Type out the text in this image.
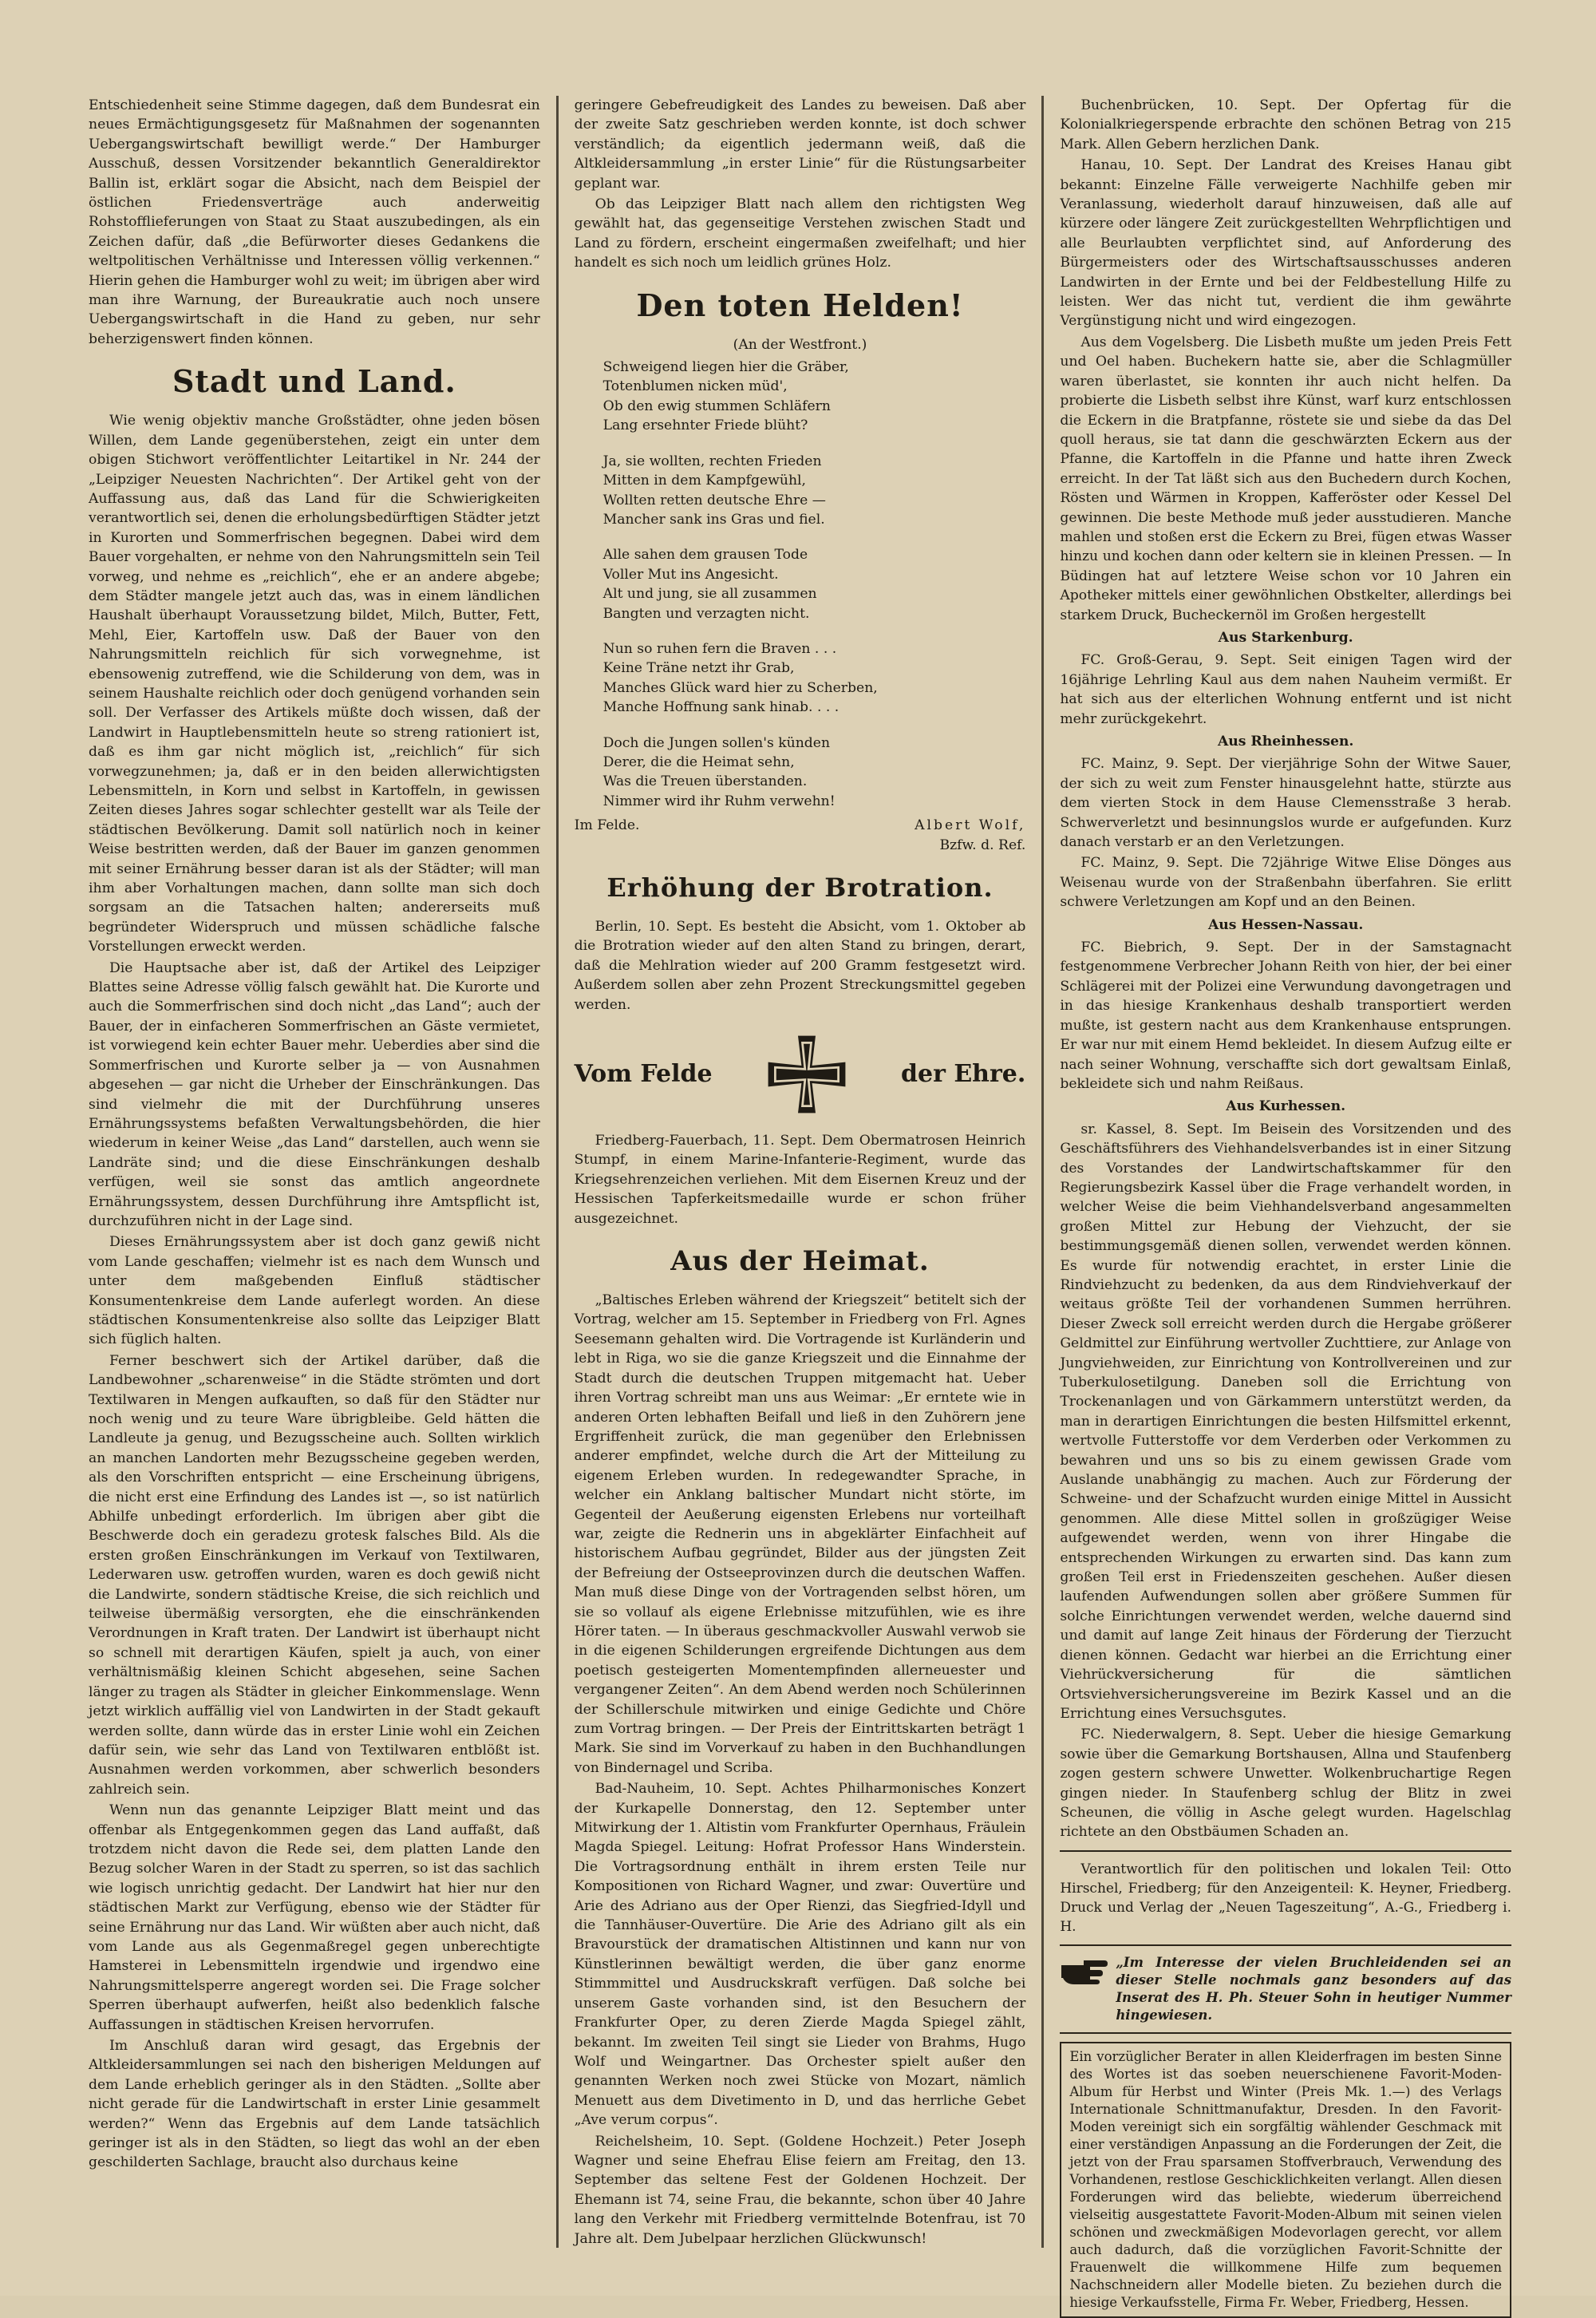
Entschiedenheit seine Stimme dagegen, daß dem Bundesrat ein neues Ermächtigungsgesetz für Maßnahmen der sogenannten Uebergangswirtschaft bewilligt werde.“ Der Hamburger Ausschuß, dessen Vorsitzender bekanntlich Generaldirektor Ballin ist, erklärt sogar die Absicht, nach dem Beispiel der östlichen Friedensverträge auch anderweitig Rohstofflieferungen von Staat zu Staat auszubedingen, als ein Zeichen dafür, daß „die Befürworter dieses Gedankens die weltpolitischen Verhältnisse und Interessen völlig verkennen.“ Hierin gehen die Hamburger wohl zu weit; im übrigen aber wird man ihre Warnung, der Bureaukratie auch noch unsere Uebergangswirtschaft in die Hand zu geben, nur sehr beherzigenswert finden können.

Stadt und Land.

Wie wenig objektiv manche Großstädter, ohne jeden bösen Willen, dem Lande gegenüberstehen, zeigt ein unter dem obigen Stichwort veröffentlichter Leitartikel in Nr. 244 der „Leipziger Neuesten Nachrichten“. Der Artikel geht von der Auffassung aus, daß das Land für die Schwierigkeiten verantwortlich sei, denen die erholungsbedürftigen Städter jetzt in Kurorten und Sommerfrischen begegnen. Dabei wird dem Bauer vorgehalten, er nehme von den Nahrungsmitteln sein Teil vorweg, und nehme es „reichlich“, ehe er an andere abgebe; dem Städter mangele jetzt auch das, was in einem ländlichen Haushalt überhaupt Voraussetzung bildet, Milch, Butter, Fett, Mehl, Eier, Kartoffeln usw. Daß der Bauer von den Nahrungsmitteln reichlich für sich vorwegnehme, ist ebensowenig zutreffend, wie die Schilderung von dem, was in seinem Haushalte reichlich oder doch genügend vorhanden sein soll. Der Verfasser des Artikels müßte doch wissen, daß der Landwirt in Hauptlebensmitteln heute so streng rationiert ist, daß es ihm gar nicht möglich ist, „reichlich“ für sich vorwegzunehmen; ja, daß er in den beiden allerwichtigsten Lebensmitteln, in Korn und selbst in Kartoffeln, in gewissen Zeiten dieses Jahres sogar schlechter gestellt war als Teile der städtischen Bevölkerung. Damit soll natürlich noch in keiner Weise bestritten werden, daß der Bauer im ganzen genommen mit seiner Ernährung besser daran ist als der Städter; will man ihm aber Vorhaltungen machen, dann sollte man sich doch sorgsam an die Tatsachen halten; andererseits muß begründeter Widerspruch und müssen schädliche falsche Vorstellungen erweckt werden.

Die Hauptsache aber ist, daß der Artikel des Leipziger Blattes seine Adresse völlig falsch gewählt hat. Die Kurorte und auch die Sommerfrischen sind doch nicht „das Land“; auch der Bauer, der in einfacheren Sommerfrischen an Gäste vermietet, ist vorwiegend kein echter Bauer mehr. Ueberdies aber sind die Sommerfrischen und Kurorte selber ja — von Ausnahmen abgesehen — gar nicht die Urheber der Einschränkungen. Das sind vielmehr die mit der Durchführung unseres Ernährungssystems befaßten Verwaltungsbehörden, die hier wiederum in keiner Weise „das Land“ darstellen, auch wenn sie Landräte sind; und die diese Einschränkungen deshalb verfügen, weil sie sonst das amtlich angeordnete Ernährungssystem, dessen Durchführung ihre Amtspflicht ist, durchzuführen nicht in der Lage sind.

Dieses Ernährungssystem aber ist doch ganz gewiß nicht vom Lande geschaffen; vielmehr ist es nach dem Wunsch und unter dem maßgebenden Einfluß städtischer Konsumentenkreise dem Lande auferlegt worden. An diese städtischen Konsumentenkreise also sollte das Leipziger Blatt sich füglich halten.

Ferner beschwert sich der Artikel darüber, daß die Landbewohner „scharenweise“ in die Städte strömten und dort Textilwaren in Mengen aufkauften, so daß für den Städter nur noch wenig und zu teure Ware übrigbleibe. Geld hätten die Landleute ja genug, und Bezugsscheine auch. Sollten wirklich an manchen Landorten mehr Bezugsscheine gegeben werden, als den Vorschriften entspricht — eine Erscheinung übrigens, die nicht erst eine Erfindung des Landes ist —, so ist natürlich Abhilfe unbedingt erforderlich. Im übrigen aber gibt die Beschwerde doch ein geradezu grotesk falsches Bild. Als die ersten großen Einschränkungen im Verkauf von Textilwaren, Lederwaren usw. getroffen wurden, waren es doch gewiß nicht die Landwirte, sondern städtische Kreise, die sich reichlich und teilweise übermäßig versorgten, ehe die einschränkenden Verordnungen in Kraft traten. Der Landwirt ist überhaupt nicht so schnell mit derartigen Käufen, spielt ja auch, von einer verhältnismäßig kleinen Schicht abgesehen, seine Sachen länger zu tragen als Städter in gleicher Einkommenslage. Wenn jetzt wirklich auffällig viel von Landwirten in der Stadt gekauft werden sollte, dann würde das in erster Linie wohl ein Zeichen dafür sein, wie sehr das Land von Textilwaren entblößt ist. Ausnahmen werden vorkommen, aber schwerlich besonders zahlreich sein.

Wenn nun das genannte Leipziger Blatt meint und das offenbar als Entgegenkommen gegen das Land auffaßt, daß trotzdem nicht davon die Rede sei, dem platten Lande den Bezug solcher Waren in der Stadt zu sperren, so ist das sachlich wie logisch unrichtig gedacht. Der Landwirt hat hier nur den städtischen Markt zur Verfügung, ebenso wie der Städter für seine Ernährung nur das Land. Wir wüßten aber auch nicht, daß vom Lande aus als Gegenmaßregel gegen unberechtigte Hamsterei in Lebensmitteln irgendwie und irgendwo eine Nahrungsmittelsperre angeregt worden sei. Die Frage solcher Sperren überhaupt aufwerfen, heißt also bedenklich falsche Auffassungen in städtischen Kreisen hervorrufen.

Im Anschluß daran wird gesagt, das Ergebnis der Altkleidersammlungen sei nach den bisherigen Meldungen auf dem Lande erheblich geringer als in den Städten. „Sollte aber nicht gerade für die Landwirtschaft in erster Linie gesammelt werden?“ Wenn das Ergebnis auf dem Lande tatsächlich geringer ist als in den Städten, so liegt das wohl an der eben geschilderten Sachlage, braucht also durchaus keine

geringere Gebefreudigkeit des Landes zu beweisen. Daß aber der zweite Satz geschrieben werden konnte, ist doch schwer verständlich; da eigentlich jedermann weiß, daß die Altkleidersammlung „in erster Linie“ für die Rüstungsarbeiter geplant war.

Ob das Leipziger Blatt nach allem den richtigsten Weg gewählt hat, das gegenseitige Verstehen zwischen Stadt und Land zu fördern, erscheint eingermaßen zweifelhaft; und hier handelt es sich noch um leidlich grünes Holz.

Den toten Helden!
(An der Westfront.)
Schweigend liegen hier die Gräber,
Totenblumen nicken müd',
Ob den ewig stummen Schläfern
Lang ersehnter Friede blüht?
Ja, sie wollten, rechten Frieden
Mitten in dem Kampfgewühl,
Wollten retten deutsche Ehre —
Mancher sank ins Gras und fiel.
Alle sahen dem grausen Tode
Voller Mut ins Angesicht.
Alt und jung, sie all zusammen
Bangten und verzagten nicht.
Nun so ruhen fern die Braven . . .
Keine Träne netzt ihr Grab,
Manches Glück ward hier zu Scherben,
Manche Hoffnung sank hinab. . . .
Doch die Jungen sollen's künden
Derer, die die Heimat sehn,
Was die Treuen überstanden.
Nimmer wird ihr Ruhm verwehn!
Im Felde.	Albert Wolf,
Bzfw. d. Ref.
Erhöhung der Brotration.

Berlin, 10. Sept. Es besteht die Absicht, vom 1. Oktober ab die Brotration wieder auf den alten Stand zu bringen, derart, daß die Mehlration wieder auf 200 Gramm festgesetzt wird. Außerdem sollen aber zehn Prozent Streckungsmittel gegeben werden.

Vom Felde	der Ehre.

Friedberg-Fauerbach, 11. Sept. Dem Obermatrosen Heinrich Stumpf, in einem Marine-Infanterie-Regiment, wurde das Kriegsehrenzeichen verliehen. Mit dem Eisernen Kreuz und der Hessischen Tapferkeitsmedaille wurde er schon früher ausgezeichnet.

Aus der Heimat.

„Baltisches Erleben während der Kriegszeit“ betitelt sich der Vortrag, welcher am 15. September in Friedberg von Frl. Agnes Seesemann gehalten wird. Die Vortragende ist Kurländerin und lebt in Riga, wo sie die ganze Kriegszeit und die Einnahme der Stadt durch die deutschen Truppen mitgemacht hat. Ueber ihren Vortrag schreibt man uns aus Weimar: „Er erntete wie in anderen Orten lebhaften Beifall und ließ in den Zuhörern jene Ergriffenheit zurück, die man gegenüber den Erlebnissen anderer empfindet, welche durch die Art der Mitteilung zu eigenem Erleben wurden. In redegewandter Sprache, in welcher ein Anklang baltischer Mundart nicht störte, im Gegenteil der Aeußerung eigensten Erlebens nur vorteilhaft war, zeigte die Rednerin uns in abgeklärter Einfachheit auf historischem Aufbau gegründet, Bilder aus der jüngsten Zeit der Befreiung der Ostseeprovinzen durch die deutschen Waffen. Man muß diese Dinge von der Vortragenden selbst hören, um sie so vollauf als eigene Erlebnisse mitzufühlen, wie es ihre Hörer taten. — In überaus geschmackvoller Auswahl verwob sie in die eigenen Schilderungen ergreifende Dichtungen aus dem poetisch gesteigerten Momentempfinden allerneuester und vergangener Zeiten“. An dem Abend werden noch Schülerinnen der Schillerschule mitwirken und einige Gedichte und Chöre zum Vortrag bringen. — Der Preis der Eintrittskarten beträgt 1 Mark. Sie sind im Vorverkauf zu haben in den Buchhandlungen von Bindernagel und Scriba.

Bad-Nauheim, 10. Sept. Achtes Philharmonisches Konzert der Kurkapelle Donnerstag, den 12. September unter Mitwirkung der 1. Altistin vom Frankfurter Opernhaus, Fräulein Magda Spiegel. Leitung: Hofrat Professor Hans Winderstein. Die Vortragsordnung enthält in ihrem ersten Teile nur Kompositionen von Richard Wagner, und zwar: Ouvertüre und Arie des Adriano aus der Oper Rienzi, das Siegfried-Idyll und die Tannhäuser-Ouvertüre. Die Arie des Adriano gilt als ein Bravourstück der dramatischen Altistinnen und kann nur von Künstlerinnen bewältigt werden, die über ganz enorme Stimmmittel und Ausdruckskraft verfügen. Daß solche bei unserem Gaste vorhanden sind, ist den Besuchern der Frankfurter Oper, zu deren Zierde Magda Spiegel zählt, bekannt. Im zweiten Teil singt sie Lieder von Brahms, Hugo Wolf und Weingartner. Das Orchester spielt außer den genannten Werken noch zwei Stücke von Mozart, nämlich Menuett aus dem Divetimento in D, und das herrliche Gebet „Ave verum corpus“.

Reichelsheim, 10. Sept. (Goldene Hochzeit.) Peter Joseph Wagner und seine Ehefrau Elise feiern am Freitag, den 13. September das seltene Fest der Goldenen Hochzeit. Der Ehemann ist 74, seine Frau, die bekannte, schon über 40 Jahre lang den Verkehr mit Friedberg vermittelnde Botenfrau, ist 70 Jahre alt. Dem Jubelpaar herzlichen Glückwunsch!

Buchenbrücken, 10. Sept. Der Opfertag für die Kolonialkriegerspende erbrachte den schönen Betrag von 215 Mark. Allen Gebern herzlichen Dank.

Hanau, 10. Sept. Der Landrat des Kreises Hanau gibt bekannt: Einzelne Fälle verweigerte Nachhilfe geben mir Veranlassung, wiederholt darauf hinzuweisen, daß alle auf kürzere oder längere Zeit zurückgestellten Wehrpflichtigen und alle Beurlaubten verpflichtet sind, auf Anforderung des Bürgermeisters oder des Wirtschaftsausschusses anderen Landwirten in der Ernte und bei der Feldbestellung Hilfe zu leisten. Wer das nicht tut, verdient die ihm gewährte Vergünstigung nicht und wird eingezogen.

Aus dem Vogelsberg. Die Lisbeth mußte um jeden Preis Fett und Oel haben. Buchekern hatte sie, aber die Schlagmüller waren überlastet, sie konnten ihr auch nicht helfen. Da probierte die Lisbeth selbst ihre Künst, warf kurz entschlossen die Eckern in die Bratpfanne, röstete sie und siebe da das Del quoll heraus, sie tat dann die geschwärzten Eckern aus der Pfanne, die Kartoffeln in die Pfanne und hatte ihren Zweck erreicht. In der Tat läßt sich aus den Buchedern durch Kochen, Rösten und Wärmen in Kroppen, Kafferöster oder Kessel Del gewinnen. Die beste Methode muß jeder ausstudieren. Manche mahlen und stoßen erst die Eckern zu Brei, fügen etwas Wasser hinzu und kochen dann oder keltern sie in kleinen Pressen. — In Büdingen hat auf letztere Weise schon vor 10 Jahren ein Apotheker mittels einer gewöhnlichen Obstkelter, allerdings bei starkem Druck, Bucheckernöl im Großen hergestellt

Aus Starkenburg.

FC. Groß-Gerau, 9. Sept. Seit einigen Tagen wird der 16jährige Lehrling Kaul aus dem nahen Nauheim vermißt. Er hat sich aus der elterlichen Wohnung entfernt und ist nicht mehr zurückgekehrt.

Aus Rheinhessen.

FC. Mainz, 9. Sept. Der vierjährige Sohn der Witwe Sauer, der sich zu weit zum Fenster hinausgelehnt hatte, stürzte aus dem vierten Stock in dem Hause Clemensstraße 3 herab. Schwerverletzt und besinnungslos wurde er aufgefunden. Kurz danach verstarb er an den Verletzungen.

FC. Mainz, 9. Sept. Die 72jährige Witwe Elise Dönges aus Weisenau wurde von der Straßenbahn überfahren. Sie erlitt schwere Verletzungen am Kopf und an den Beinen.

Aus Hessen-Nassau.

FC. Biebrich, 9. Sept. Der in der Samstagnacht festgenommene Verbrecher Johann Reith von hier, der bei einer Schlägerei mit der Polizei eine Verwundung davongetragen und in das hiesige Krankenhaus deshalb transportiert werden mußte, ist gestern nacht aus dem Krankenhause entsprungen. Er war nur mit einem Hemd bekleidet. In diesem Aufzug eilte er nach seiner Wohnung, verschaffte sich dort gewaltsam Einlaß, bekleidete sich und nahm Reißaus.

Aus Kurhessen.

sr. Kassel, 8. Sept. Im Beisein des Vorsitzenden und des Geschäftsführers des Viehhandelsverbandes ist in einer Sitzung des Vorstandes der Landwirtschaftskammer für den Regierungsbezirk Kassel über die Frage verhandelt worden, in welcher Weise die beim Viehhandelsverband angesammelten großen Mittel zur Hebung der Viehzucht, der sie bestimmungsgemäß dienen sollen, verwendet werden können. Es wurde für notwendig erachtet, in erster Linie die Rindviehzucht zu bedenken, da aus dem Rindviehverkauf der weitaus größte Teil der vorhandenen Summen herrühren. Dieser Zweck soll erreicht werden durch die Hergabe größerer Geldmittel zur Einführung wertvoller Zuchttiere, zur Anlage von Jungviehweiden, zur Einrichtung von Kontrollvereinen und zur Tuberkulosetilgung. Daneben soll die Errichtung von Trockenanlagen und von Gärkammern unterstützt werden, da man in derartigen Einrichtungen die besten Hilfsmittel erkennt, wertvolle Futterstoffe vor dem Verderben oder Verkommen zu bewahren und uns so bis zu einem gewissen Grade vom Auslande unabhängig zu machen. Auch zur Förderung der Schweine- und der Schafzucht wurden einige Mittel in Aussicht genommen. Alle diese Mittel sollen in großzügiger Weise aufgewendet werden, wenn von ihrer Hingabe die entsprechenden Wirkungen zu erwarten sind. Das kann zum großen Teil erst in Friedenszeiten geschehen. Außer diesen laufenden Aufwendungen sollen aber größere Summen für solche Einrichtungen verwendet werden, welche dauernd sind und damit auf lange Zeit hinaus der Förderung der Tierzucht dienen können. Gedacht war hierbei an die Errichtung einer Viehrückversicherung für die sämtlichen Ortsviehversicherungsvereine im Bezirk Kassel und an die Errichtung eines Versuchsgutes.

FC. Niederwalgern, 8. Sept. Ueber die hiesige Gemarkung sowie über die Gemarkung Bortshausen, Allna und Staufenberg zogen gestern schwere Unwetter. Wolkenbruchartige Regen gingen nieder. In Staufenberg schlug der Blitz in zwei Scheunen, die völlig in Asche gelegt wurden. Hagelschlag richtete an den Obstbäumen Schaden an.

Verantwortlich für den politischen und lokalen Teil: Otto Hirschel, Friedberg; für den Anzeigenteil: K. Heyner, Friedberg. Druck und Verlag der „Neuen Tageszeitung“, A.-G., Friedberg i. H.

„Im Interesse der vielen Bruchleidenden sei an dieser Stelle nochmals ganz besonders auf das Inserat des H. Ph. Steuer Sohn in heutiger Nummer hingewiesen.

Ein vorzüglicher Berater in allen Kleiderfragen im besten Sinne des Wortes ist das soeben neuerschienene Favorit-Moden-Album für Herbst und Winter (Preis Mk. 1.—) des Verlags Internationale Schnittmanufaktur, Dresden. In den Favorit-Moden vereinigt sich ein sorgfältig wählender Geschmack mit einer verständigen Anpassung an die Forderungen der Zeit, die jetzt von der Frau sparsamen Stoffverbrauch, Verwendung des Vorhandenen, restlose Geschicklichkeiten verlangt. Allen diesen Forderungen wird das beliebte, wiederum überreichend vielseitig ausgestattete Favorit-Moden-Album mit seinen vielen schönen und zweckmäßigen Modevorlagen gerecht, vor allem auch dadurch, daß die vorzüglichen Favorit-Schnitte der Frauenwelt die willkommene Hilfe zum bequemen Nachschneidern aller Modelle bieten. Zu beziehen durch die hiesige Verkaufsstelle, Firma Fr. Weber, Friedberg, Hessen.
